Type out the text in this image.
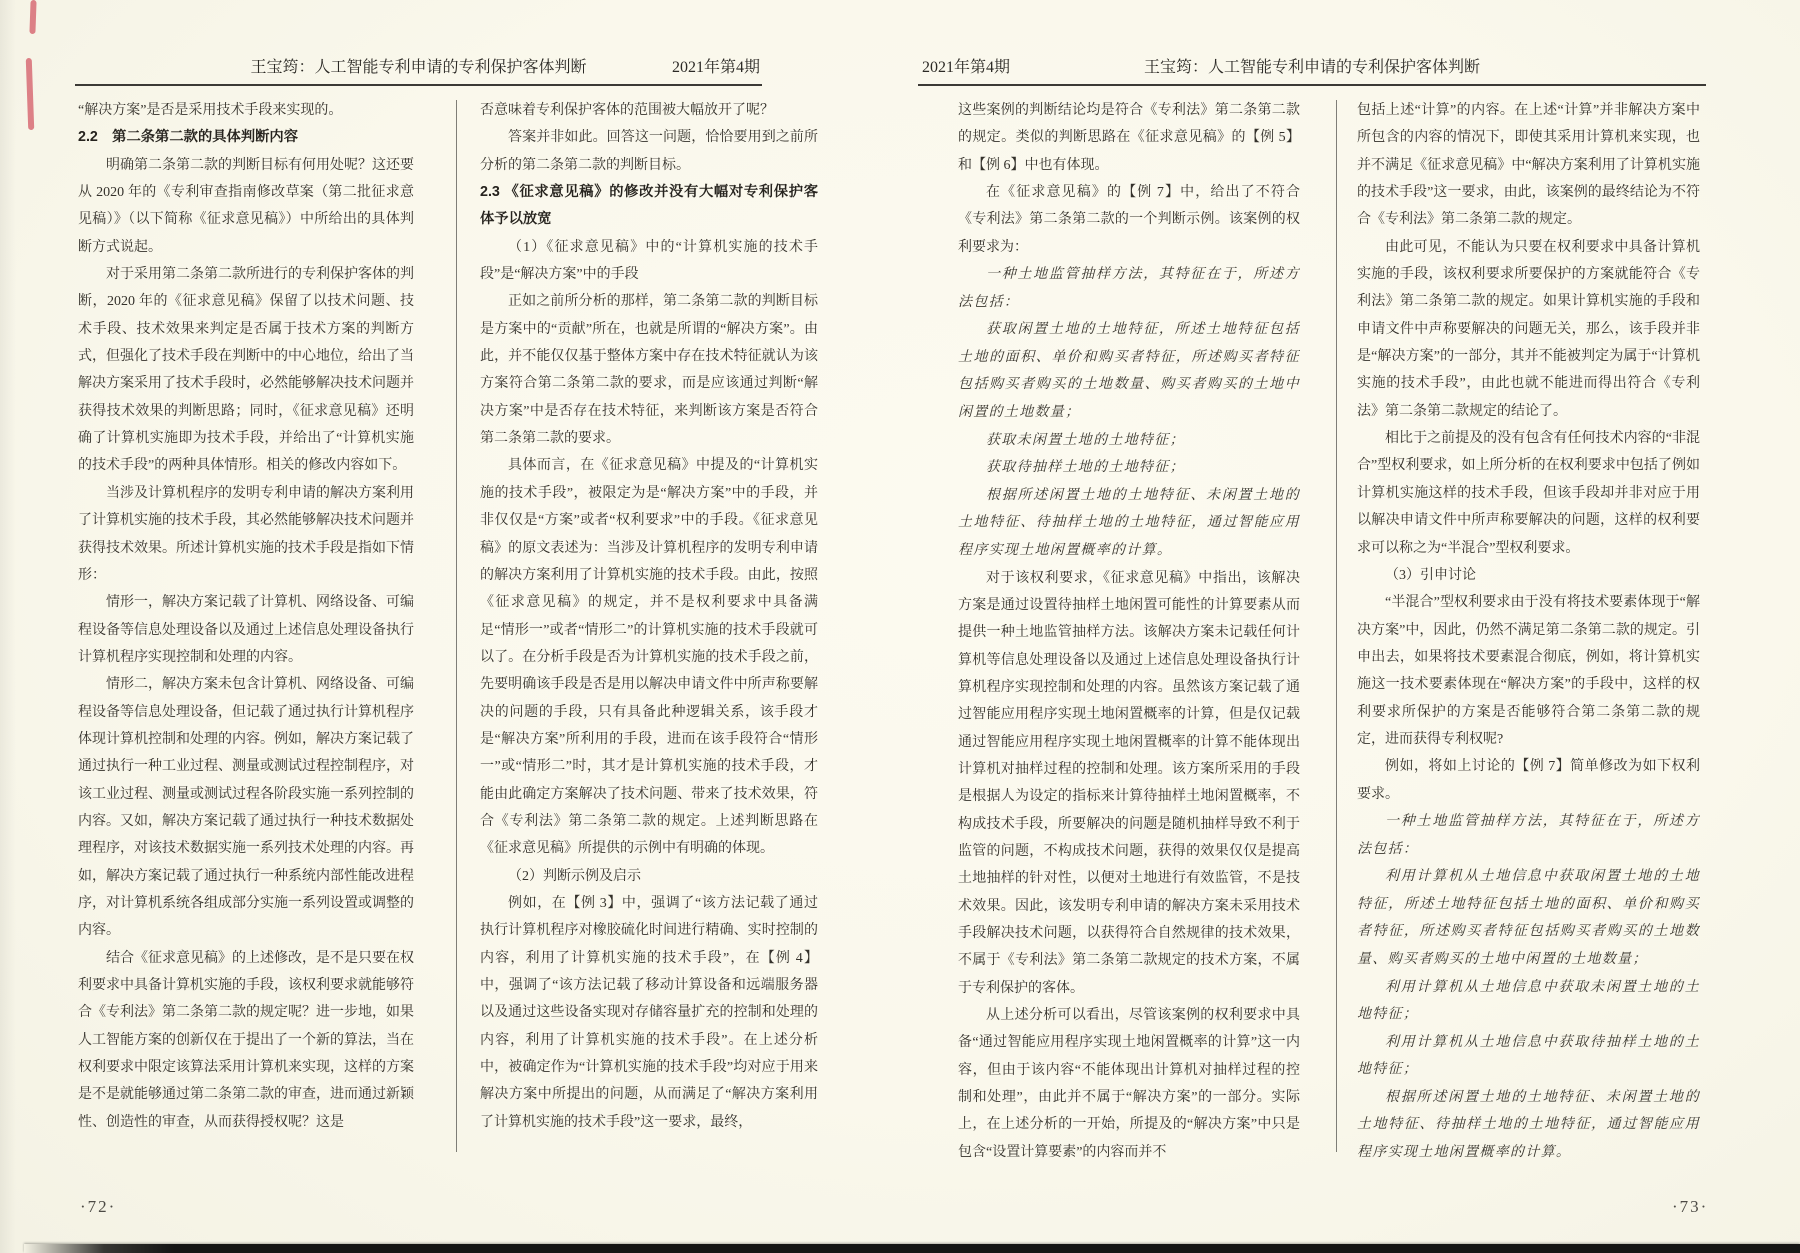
王宝筠：人工智能专利申请的专利保护客体判断	2021年第4期	2021年第4期	王宝筠：人工智能专利申请的专利保护客体判断

“解决方案”是否是采用技术手段来实现的。

2.2　第二条第二款的具体判断内容

明确第二条第二款的判断目标有何用处呢？这还要从 2020 年的《专利审查指南修改草案（第二批征求意见稿）》（以下简称《征求意见稿》）中所给出的具体判断方式说起。

对于采用第二条第二款所进行的专利保护客体的判断，2020 年的《征求意见稿》保留了以技术问题、技术手段、技术效果来判定是否属于技术方案的判断方式，但强化了技术手段在判断中的中心地位，给出了当解决方案采用了技术手段时，必然能够解决技术问题并获得技术效果的判断思路；同时，《征求意见稿》还明确了计算机实施即为技术手段，并给出了“计算机实施的技术手段”的两种具体情形。相关的修改内容如下。

当涉及计算机程序的发明专利申请的解决方案利用了计算机实施的技术手段，其必然能够解决技术问题并获得技术效果。所述计算机实施的技术手段是指如下情形：

情形一，解决方案记载了计算机、网络设备、可编程设备等信息处理设备以及通过上述信息处理设备执行计算机程序实现控制和处理的内容。

情形二，解决方案未包含计算机、网络设备、可编程设备等信息处理设备，但记载了通过执行计算机程序体现计算机控制和处理的内容。例如，解决方案记载了通过执行一种工业过程、测量或测试过程控制程序，对该工业过程、测量或测试过程各阶段实施一系列控制的内容。又如，解决方案记载了通过执行一种技术数据处理程序，对该技术数据实施一系列技术处理的内容。再如，解决方案记载了通过执行一种系统内部性能改进程序，对计算机系统各组成部分实施一系列设置或调整的内容。

结合《征求意见稿》的上述修改，是不是只要在权利要求中具备计算机实施的手段，该权利要求就能够符合《专利法》第二条第二款的规定呢？进一步地，如果人工智能方案的创新仅在于提出了一个新的算法，当在权利要求中限定该算法采用计算机来实现，这样的方案是不是就能够通过第二条第二款的审查，进而通过新颖性、创造性的审查，从而获得授权呢？这是

否意味着专利保护客体的范围被大幅放开了呢？

答案并非如此。回答这一问题，恰恰要用到之前所分析的第二条第二款的判断目标。

2.3 《征求意见稿》的修改并没有大幅对专利保护客体予以放宽

（1）《征求意见稿》中的“计算机实施的技术手段”是“解决方案”中的手段

正如之前所分析的那样，第二条第二款的判断目标是方案中的“贡献”所在，也就是所谓的“解决方案”。由此，并不能仅仅基于整体方案中存在技术特征就认为该方案符合第二条第二款的要求，而是应该通过判断“解决方案”中是否存在技术特征，来判断该方案是否符合第二条第二款的要求。

具体而言，在《征求意见稿》中提及的“计算机实施的技术手段”，被限定为是“解决方案”中的手段，并非仅仅是“方案”或者“权利要求”中的手段。《征求意见稿》的原文表述为：当涉及计算机程序的发明专利申请的解决方案利用了计算机实施的技术手段。由此，按照《征求意见稿》的规定，并不是权利要求中具备满足“情形一”或者“情形二”的计算机实施的技术手段就可以了。在分析手段是否为计算机实施的技术手段之前，先要明确该手段是否是用以解决申请文件中所声称要解决的问题的手段，只有具备此种逻辑关系，该手段才是“解决方案”所利用的手段，进而在该手段符合“情形一”或“情形二”时，其才是计算机实施的技术手段，才能由此确定方案解决了技术问题、带来了技术效果，符合《专利法》第二条第二款的规定。上述判断思路在《征求意见稿》所提供的示例中有明确的体现。

（2）判断示例及启示

例如，在【例 3】中，强调了“该方法记载了通过执行计算机程序对橡胶硫化时间进行精确、实时控制的内容，利用了计算机实施的技术手段”，在【例 4】中，强调了“该方法记载了移动计算设备和远端服务器以及通过这些设备实现对存储容量扩充的控制和处理的内容，利用了计算机实施的技术手段”。在上述分析中，被确定作为“计算机实施的技术手段”均对应于用来解决方案中所提出的问题，从而满足了“解决方案利用了计算机实施的技术手段”这一要求，最终，

这些案例的判断结论均是符合《专利法》第二条第二款的规定。类似的判断思路在《征求意见稿》的【例 5】和【例 6】中也有体现。

在《征求意见稿》的【例 7】中，给出了不符合《专利法》第二条第二款的一个判断示例。该案例的权利要求为：

一种土地监管抽样方法，其特征在于，所述方法包括：

获取闲置土地的土地特征，所述土地特征包括土地的面积、单价和购买者特征，所述购买者特征包括购买者购买的土地数量、购买者购买的土地中闲置的土地数量；

获取未闲置土地的土地特征；

获取待抽样土地的土地特征；

根据所述闲置土地的土地特征、未闲置土地的土地特征、待抽样土地的土地特征，通过智能应用程序实现土地闲置概率的计算。

对于该权利要求，《征求意见稿》中指出，该解决方案是通过设置待抽样土地闲置可能性的计算要素从而提供一种土地监管抽样方法。该解决方案未记载任何计算机等信息处理设备以及通过上述信息处理设备执行计算机程序实现控制和处理的内容。虽然该方案记载了通过智能应用程序实现土地闲置概率的计算，但是仅记载通过智能应用程序实现土地闲置概率的计算不能体现出计算机对抽样过程的控制和处理。该方案所采用的手段是根据人为设定的指标来计算待抽样土地闲置概率，不构成技术手段，所要解决的问题是随机抽样导致不利于监管的问题，不构成技术问题，获得的效果仅仅是提高土地抽样的针对性，以便对土地进行有效监管，不是技术效果。因此，该发明专利申请的解决方案未采用技术手段解决技术问题，以获得符合自然规律的技术效果，不属于《专利法》第二条第二款规定的技术方案，不属于专利保护的客体。

从上述分析可以看出，尽管该案例的权利要求中具备“通过智能应用程序实现土地闲置概率的计算”这一内容，但由于该内容“不能体现出计算机对抽样过程的控制和处理”，由此并不属于“解决方案”的一部分。实际上，在上述分析的一开始，所提及的“解决方案”中只是包含“设置计算要素”的内容而并不

包括上述“计算”的内容。在上述“计算”并非解决方案中所包含的内容的情况下，即使其采用计算机来实现，也并不满足《征求意见稿》中“解决方案利用了计算机实施的技术手段”这一要求，由此，该案例的最终结论为不符合《专利法》第二条第二款的规定。

由此可见，不能认为只要在权利要求中具备计算机实施的手段，该权利要求所要保护的方案就能符合《专利法》第二条第二款的规定。如果计算机实施的手段和申请文件中声称要解决的问题无关，那么，该手段并非是“解决方案”的一部分，其并不能被判定为属于“计算机实施的技术手段”，由此也就不能进而得出符合《专利法》第二条第二款规定的结论了。

相比于之前提及的没有包含有任何技术内容的“非混合”型权利要求，如上所分析的在权利要求中包括了例如计算机实施这样的技术手段，但该手段却并非对应于用以解决申请文件中所声称要解决的问题，这样的权利要求可以称之为“半混合”型权利要求。

（3）引申讨论

“半混合”型权利要求由于没有将技术要素体现于“解决方案”中，因此，仍然不满足第二条第二款的规定。引申出去，如果将技术要素混合彻底，例如，将计算机实施这一技术要素体现在“解决方案”的手段中，这样的权利要求所保护的方案是否能够符合第二条第二款的规定，进而获得专利权呢?

例如，将如上讨论的【例 7】简单修改为如下权利要求。

一种土地监管抽样方法，其特征在于，所述方法包括：

利用计算机从土地信息中获取闲置土地的土地特征，所述土地特征包括土地的面积、单价和购买者特征，所述购买者特征包括购买者购买的土地数量、购买者购买的土地中闲置的土地数量；

利用计算机从土地信息中获取未闲置土地的土地特征；

利用计算机从土地信息中获取待抽样土地的土地特征；

根据所述闲置土地的土地特征、未闲置土地的土地特征、待抽样土地的土地特征，通过智能应用程序实现土地闲置概率的计算。

·72·	·73·
